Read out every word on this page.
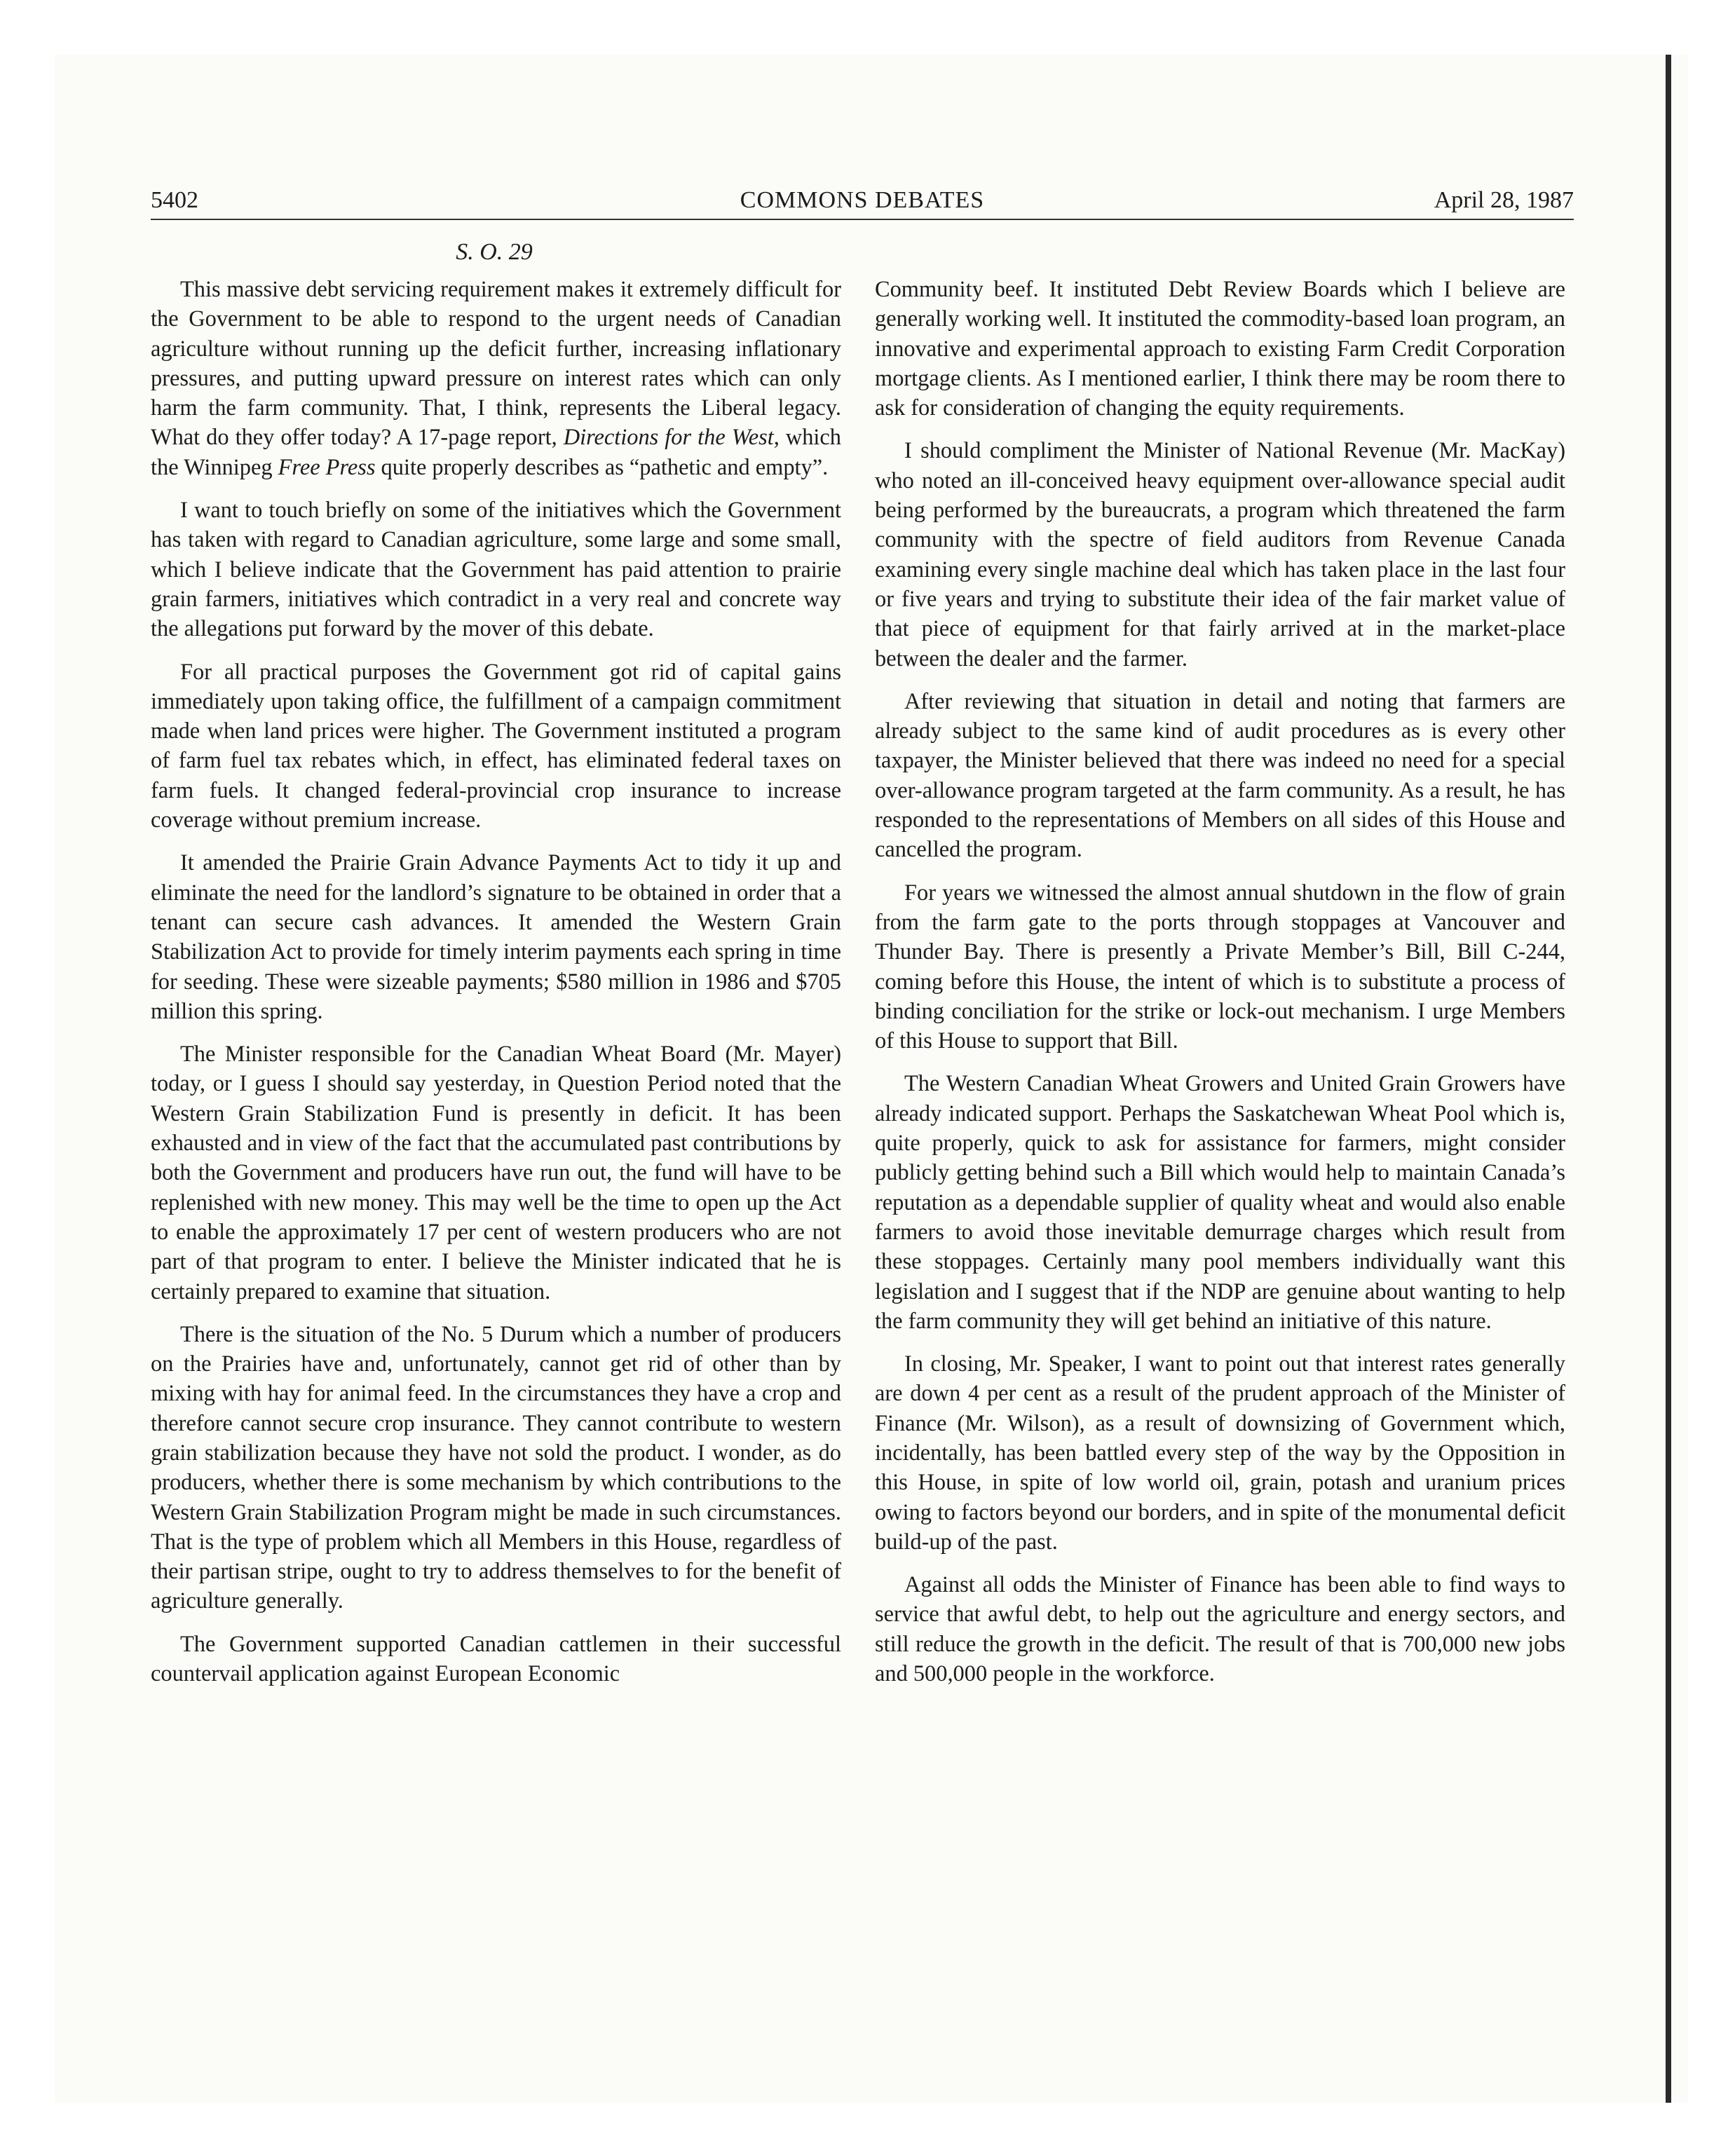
5402	COMMONS DEBATES	April 28, 1987
S. O. 29

This massive debt servicing requirement makes it extremely difficult for the Government to be able to respond to the urgent needs of Canadian agriculture without running up the deficit further, increasing inflationary pressures, and putting upward pressure on interest rates which can only harm the farm community. That, I think, represents the Liberal legacy. What do they offer today? A 17-page report, Directions for the West, which the Winnipeg Free Press quite properly describes as “pathetic and empty”.

I want to touch briefly on some of the initiatives which the Government has taken with regard to Canadian agriculture, some large and some small, which I believe indicate that the Government has paid attention to prairie grain farmers, initiatives which contradict in a very real and concrete way the allegations put forward by the mover of this debate.

For all practical purposes the Government got rid of capital gains immediately upon taking office, the fulfillment of a campaign commitment made when land prices were higher. The Government instituted a program of farm fuel tax rebates which, in effect, has eliminated federal taxes on farm fuels. It changed federal-provincial crop insurance to increase coverage without premium increase.

It amended the Prairie Grain Advance Payments Act to tidy it up and eliminate the need for the landlord’s signature to be obtained in order that a tenant can secure cash advances. It amended the Western Grain Stabilization Act to provide for timely interim payments each spring in time for seeding. These were sizeable payments; $580 million in 1986 and $705 million this spring.

The Minister responsible for the Canadian Wheat Board (Mr. Mayer) today, or I guess I should say yesterday, in Question Period noted that the Western Grain Stabilization Fund is presently in deficit. It has been exhausted and in view of the fact that the accumulated past contributions by both the Government and producers have run out, the fund will have to be replenished with new money. This may well be the time to open up the Act to enable the approximately 17 per cent of western producers who are not part of that program to enter. I believe the Minister indicated that he is certainly prepared to examine that situation.

There is the situation of the No. 5 Durum which a number of producers on the Prairies have and, unfortunately, cannot get rid of other than by mixing with hay for animal feed. In the circumstances they have a crop and therefore cannot secure crop insurance. They cannot contribute to western grain stabilization because they have not sold the product. I wonder, as do producers, whether there is some mechanism by which contributions to the Western Grain Stabilization Program might be made in such circumstances. That is the type of problem which all Members in this House, regardless of their partisan stripe, ought to try to address themselves to for the benefit of agriculture generally.

The Government supported Canadian cattlemen in their successful countervail application against European Economic

Community beef. It instituted Debt Review Boards which I believe are generally working well. It instituted the commodity-based loan program, an innovative and experimental approach to existing Farm Credit Corporation mortgage clients. As I mentioned earlier, I think there may be room there to ask for consideration of changing the equity requirements.

I should compliment the Minister of National Revenue (Mr. MacKay) who noted an ill-conceived heavy equipment over-allowance special audit being performed by the bureaucrats, a program which threatened the farm community with the spectre of field auditors from Revenue Canada examining every single machine deal which has taken place in the last four or five years and trying to substitute their idea of the fair market value of that piece of equipment for that fairly arrived at in the market-place between the dealer and the farmer.

After reviewing that situation in detail and noting that farmers are already subject to the same kind of audit procedures as is every other taxpayer, the Minister believed that there was indeed no need for a special over-allowance program targeted at the farm community. As a result, he has responded to the representations of Members on all sides of this House and cancelled the program.

For years we witnessed the almost annual shutdown in the flow of grain from the farm gate to the ports through stoppages at Vancouver and Thunder Bay. There is presently a Private Member’s Bill, Bill C-244, coming before this House, the intent of which is to substitute a process of binding conciliation for the strike or lock-out mechanism. I urge Members of this House to support that Bill.

The Western Canadian Wheat Growers and United Grain Growers have already indicated support. Perhaps the Saskatchewan Wheat Pool which is, quite properly, quick to ask for assistance for farmers, might consider publicly getting behind such a Bill which would help to maintain Canada’s reputation as a dependable supplier of quality wheat and would also enable farmers to avoid those inevitable demurrage charges which result from these stoppages. Certainly many pool members individually want this legislation and I suggest that if the NDP are genuine about wanting to help the farm community they will get behind an initiative of this nature.

In closing, Mr. Speaker, I want to point out that interest rates generally are down 4 per cent as a result of the prudent approach of the Minister of Finance (Mr. Wilson), as a result of downsizing of Government which, incidentally, has been battled every step of the way by the Opposition in this House, in spite of low world oil, grain, potash and uranium prices owing to factors beyond our borders, and in spite of the monumental deficit build-up of the past.

Against all odds the Minister of Finance has been able to find ways to service that awful debt, to help out the agriculture and energy sectors, and still reduce the growth in the deficit. The result of that is 700,000 new jobs and 500,000 people in the workforce.
